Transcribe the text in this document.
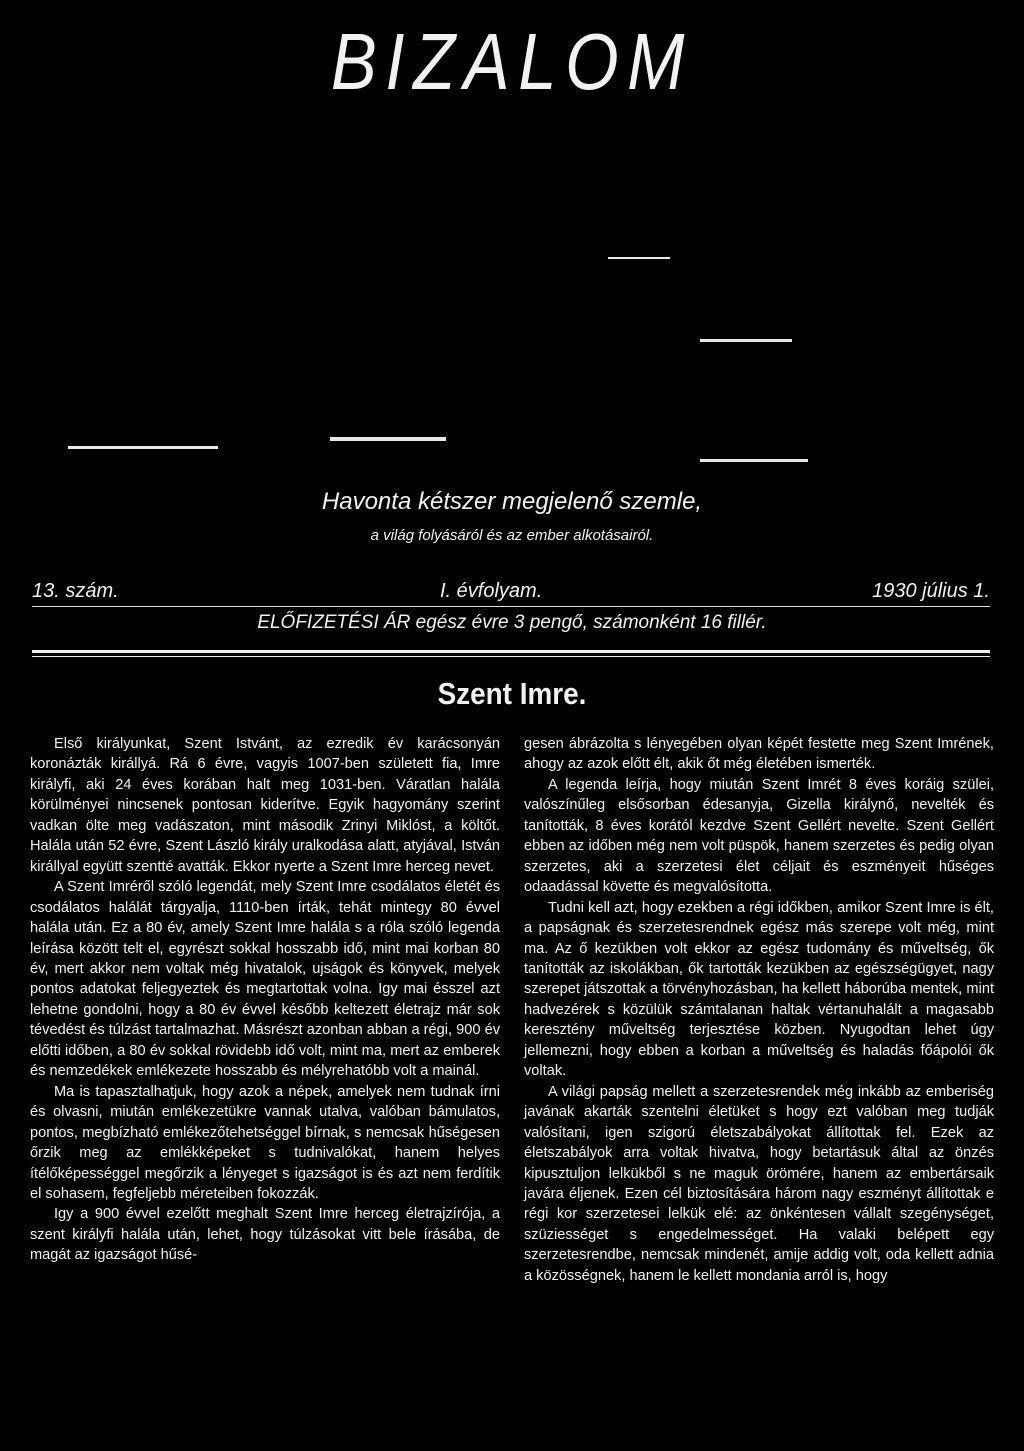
BIZALOM
Havonta kétszer megjelenő szemle,
a világ folyásáról és az ember alkotásairól.
13. szám.	I. évfolyam.	1930 július 1.
ELŐFIZETÉSI ÁR egész évre 3 pengő, számonként 16 fillér.
Szent Imre.

Első királyunkat, Szent Istvánt, az ezredik év karácsonyán koronázták királlyá. Rá 6 évre, vagyis 1007-ben született fia, Imre királyfi, aki 24 éves korában halt meg 1031-ben. Váratlan halála körülményei nincsenek pontosan kiderítve. Egyik hagyomány szerint vadkan ölte meg vadászaton, mint második Zrinyi Miklóst, a költőt. Halála után 52 évre, Szent László király uralkodása alatt, atyjával, István királlyal együtt szentté avatták. Ekkor nyerte a Szent Imre herceg nevet.

A Szent Imréről szóló legendát, mely Szent Imre csodálatos életét és csodálatos halálát tárgyalja, 1110-ben írták, tehát mintegy 80 évvel halála után. Ez a 80 év, amely Szent Imre halála s a róla szóló legenda leírása között telt el, egyrészt sokkal hosszabb idő, mint mai korban 80 év, mert akkor nem voltak még hivatalok, ujságok és könyvek, melyek pontos adatokat feljegyeztek és megtartottak volna. Igy mai ésszel azt lehetne gondolni, hogy a 80 év évvel később keltezett életrajz már sok tévedést és túlzást tartalmazhat. Másrészt azonban abban a régi, 900 év előtti időben, a 80 év sokkal rövidebb idő volt, mint ma, mert az emberek és nemzedékek emlékezete hosszabb és mélyrehatóbb volt a mainál.

Ma is tapasztalhatjuk, hogy azok a népek, amelyek nem tudnak írni és olvasni, miután emlékezetükre vannak utalva, valóban bámulatos, pontos, megbízható emlékezőtehetséggel bírnak, s nemcsak hűségesen őrzik meg az emlékképeket s tudnivalókat, hanem helyes ítélőképességgel megőrzik a lényeget s igazságot is és azt nem ferdítik el sohasem, fegfeljebb méreteiben fokozzák.

Igy a 900 évvel ezelőtt meghalt Szent Imre herceg életrajzírója, a szent királyfi halála után, lehet, hogy túlzásokat vitt bele írásába, de magát az igazságot hűsé-

gesen ábrázolta s lényegében olyan képét festette meg Szent Imrének, ahogy az azok előtt élt, akik őt még életében ismerték.

A legenda leírja, hogy miután Szent Imrét 8 éves koráig szülei, valószínűleg elsősorban édesanyja, Gizella királynő, nevelték és tanították, 8 éves korától kezdve Szent Gellért nevelte. Szent Gellért ebben az időben még nem volt püspök, hanem szerzetes és pedig olyan szerzetes, aki a szerzetesi élet céljait és eszményeit hűséges odaadással követte és megvalósította.

Tudni kell azt, hogy ezekben a régi időkben, amikor Szent Imre is élt, a papságnak és szerzetesrendnek egész más szerepe volt még, mint ma. Az ő kezükben volt ekkor az egész tudomány és műveltség, ők tanították az iskolákban, ők tartották kezükben az egészségügyet, nagy szerepet játszottak a törvényhozásban, ha kellett háborúba mentek, mint hadvezérek s közülük számtalanan haltak vértanuhalált a magasabb keresztény műveltség terjesztése közben. Nyugodtan lehet úgy jellemezni, hogy ebben a korban a műveltség és haladás főápolói ők voltak.

A világi papság mellett a szerzetesrendek még inkább az emberiség javának akarták szentelni életüket s hogy ezt valóban meg tudják valósítani, igen szigorú életszabályokat állítottak fel. Ezek az életszabályok arra voltak hivatva, hogy betartásuk által az önzés kipusztuljon lelkükből s ne maguk örömére, hanem az embertársaik javára éljenek. Ezen cél biztosítására három nagy eszményt állítottak e régi kor szerzetesei lelkük elé: az önkéntesen vállalt szegénységet, szüziességet s engedelmességet. Ha valaki belépett egy szerzetesrendbe, nemcsak mindenét, amije addig volt, oda kellett adnia a közösségnek, hanem le kellett mondania arról is, hogy
